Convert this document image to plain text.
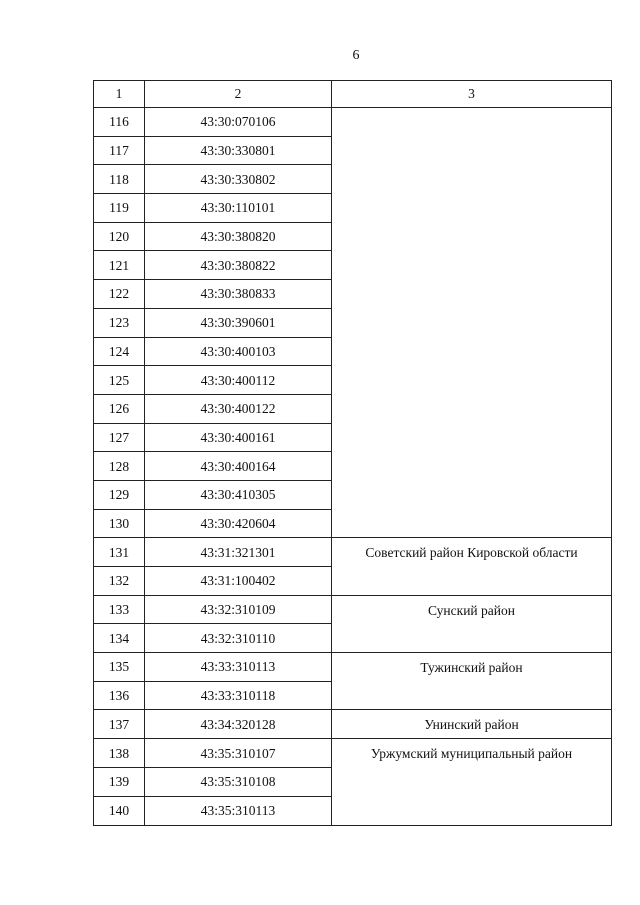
6
1	2	3
116	43:30:070106	

117	43:30:330801	
118	43:30:330802	
119	43:30:110101	
120	43:30:380820	
121	43:30:380822	
122	43:30:380833	
123	43:30:390601	
124	43:30:400103	
125	43:30:400112	
126	43:30:400122	
127	43:30:400161	
128	43:30:400164	
129	43:30:410305	
130	43:30:420604	
131	43:31:321301	Советский район Кировской области

132	43:31:100402	
133	43:32:310109	Сунский район

134	43:32:310110	
135	43:33:310113	Тужинский район

136	43:33:310118	
137	43:34:320128	Унинский район

138	43:35:310107	Уржумский муниципальный район

139	43:35:310108	
140	43:35:310113	
